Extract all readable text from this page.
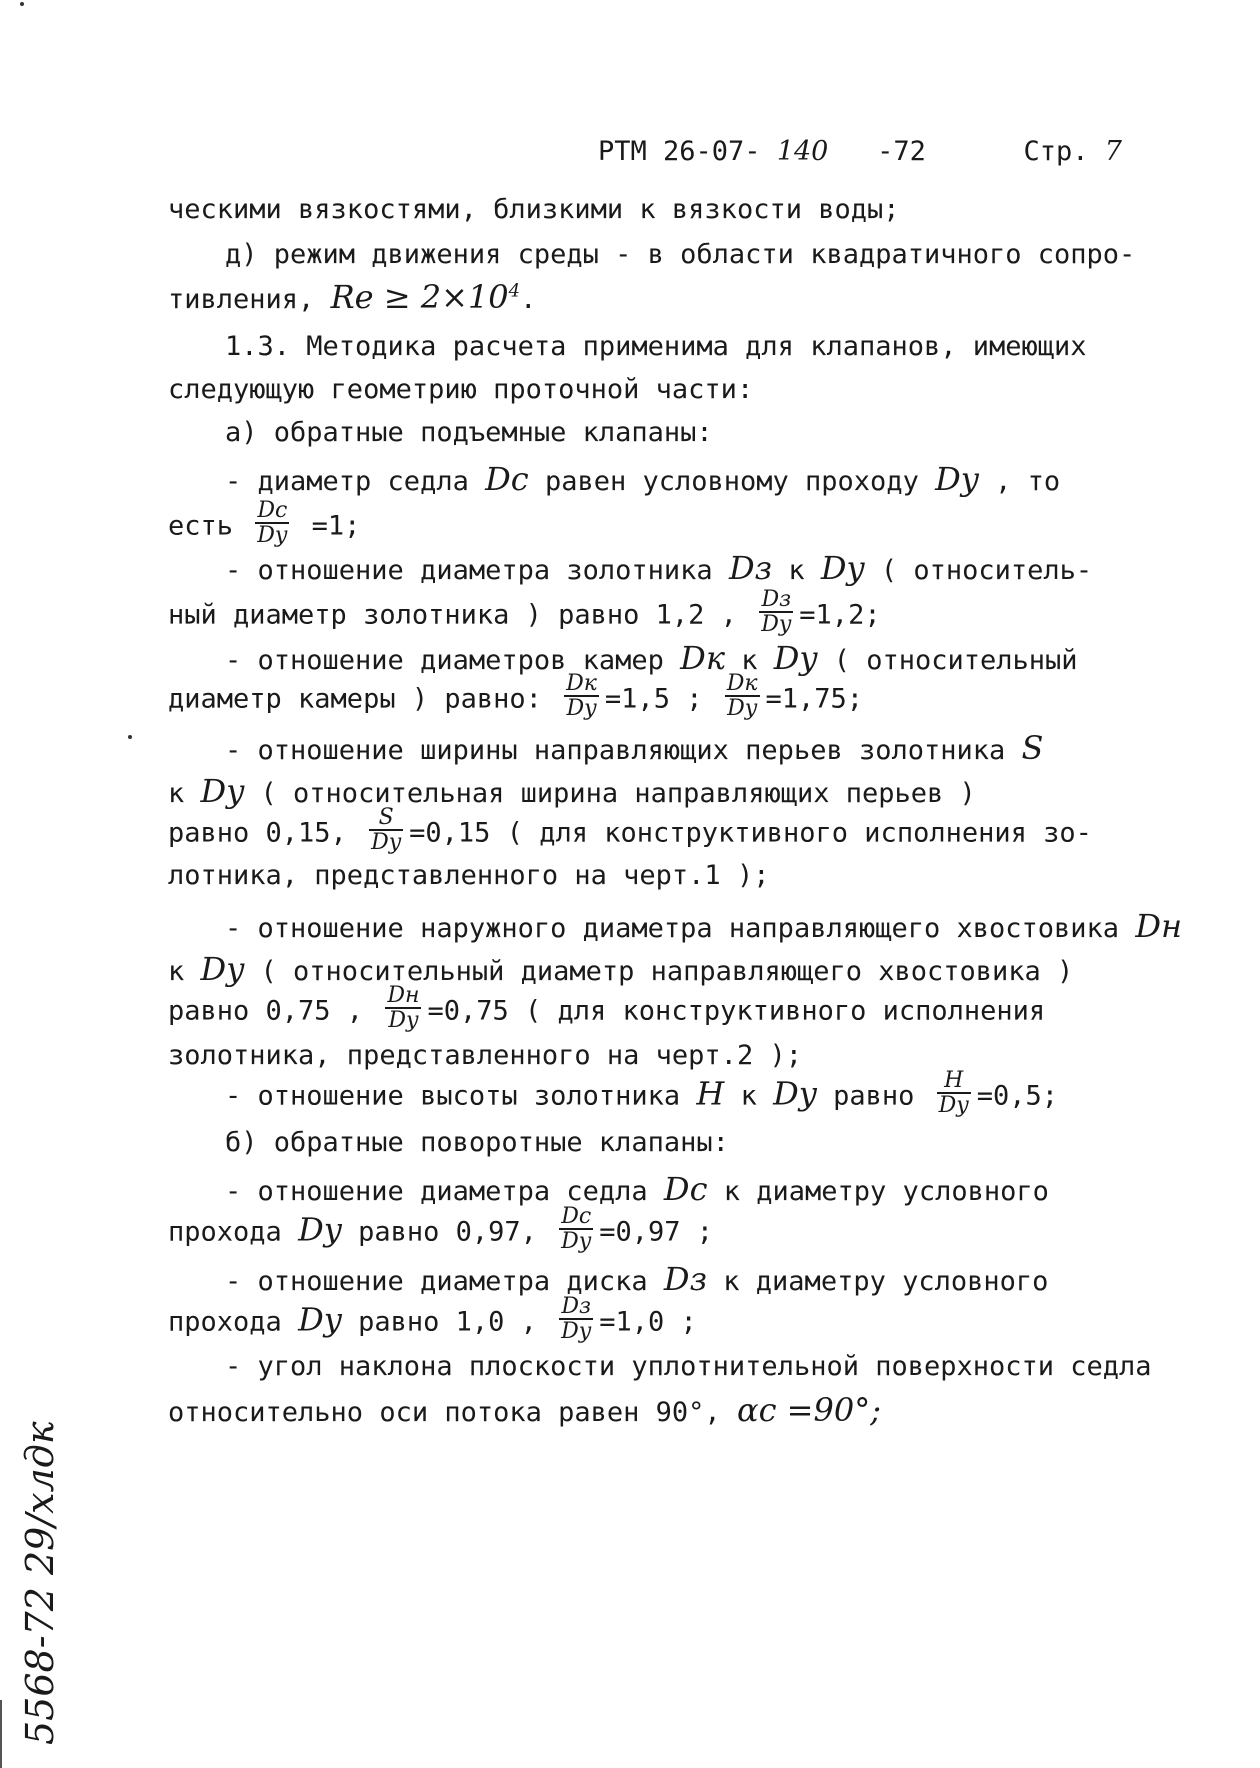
РТМ 26-07- 140 -72	Стр. 7
ческими вязкостями, близкими к вязкости воды;
д) режим движения среды - в области квадратичного сопро-
тивления, $Re \ge 2\times 10^4$.
1.3. Методика расчета применима для клапанов, имеющих
следующую геометрию проточной части:
а) обратные подъемные клапаны:
- диаметр седла Dc равен условному проходу Dy , то
есть $\frac{Dc}{Dy} =1$;
- отношение диаметра золотника Dз к Dy ( относитель-
ный диаметр золотника ) равно 1,2 , $\frac{Dз}{Dy} =1,2$;
- отношение диаметров камер Dк к Dy ( относительный
диаметр камеры ) равно: $\frac{Dк}{Dy} =1,5$ ; $\frac{Dк}{Dy} =1,75$;
- отношение ширины направляющих перьев золотника S
к Dy ( относительная ширина направляющих перьев )
равно 0,15, $\frac{S}{Dy} =0,15$ ( для конструктивного исполнения зо-
лотника, представленного на черт.1 );
- отношение наружного диаметра направляющего хвостовика Dн
к Dy ( относительный диаметр направляющего хвостовика )
равно 0,75 , $\frac{Dн}{Dy} =0,75$ ( для конструктивного исполнения
золотника, представленного на черт.2 );
- отношение высоты золотника H к Dy равно $\frac{H}{Dy} =0,5$;
б) обратные поворотные клапаны:
- отношение диаметра седла Dc к диаметру условного
прохода Dy равно 0,97, $\frac{Dc}{Dy} =0,97$ ;
- отношение диаметра диска Dз к диаметру условного
прохода Dy равно 1,0 , $\frac{Dз}{Dy} =1,0$ ;
- угол наклона плоскости уплотнительной поверхности седла
относительно оси потока равен 90°, αc =90°;
5568-72 29/хлдк
